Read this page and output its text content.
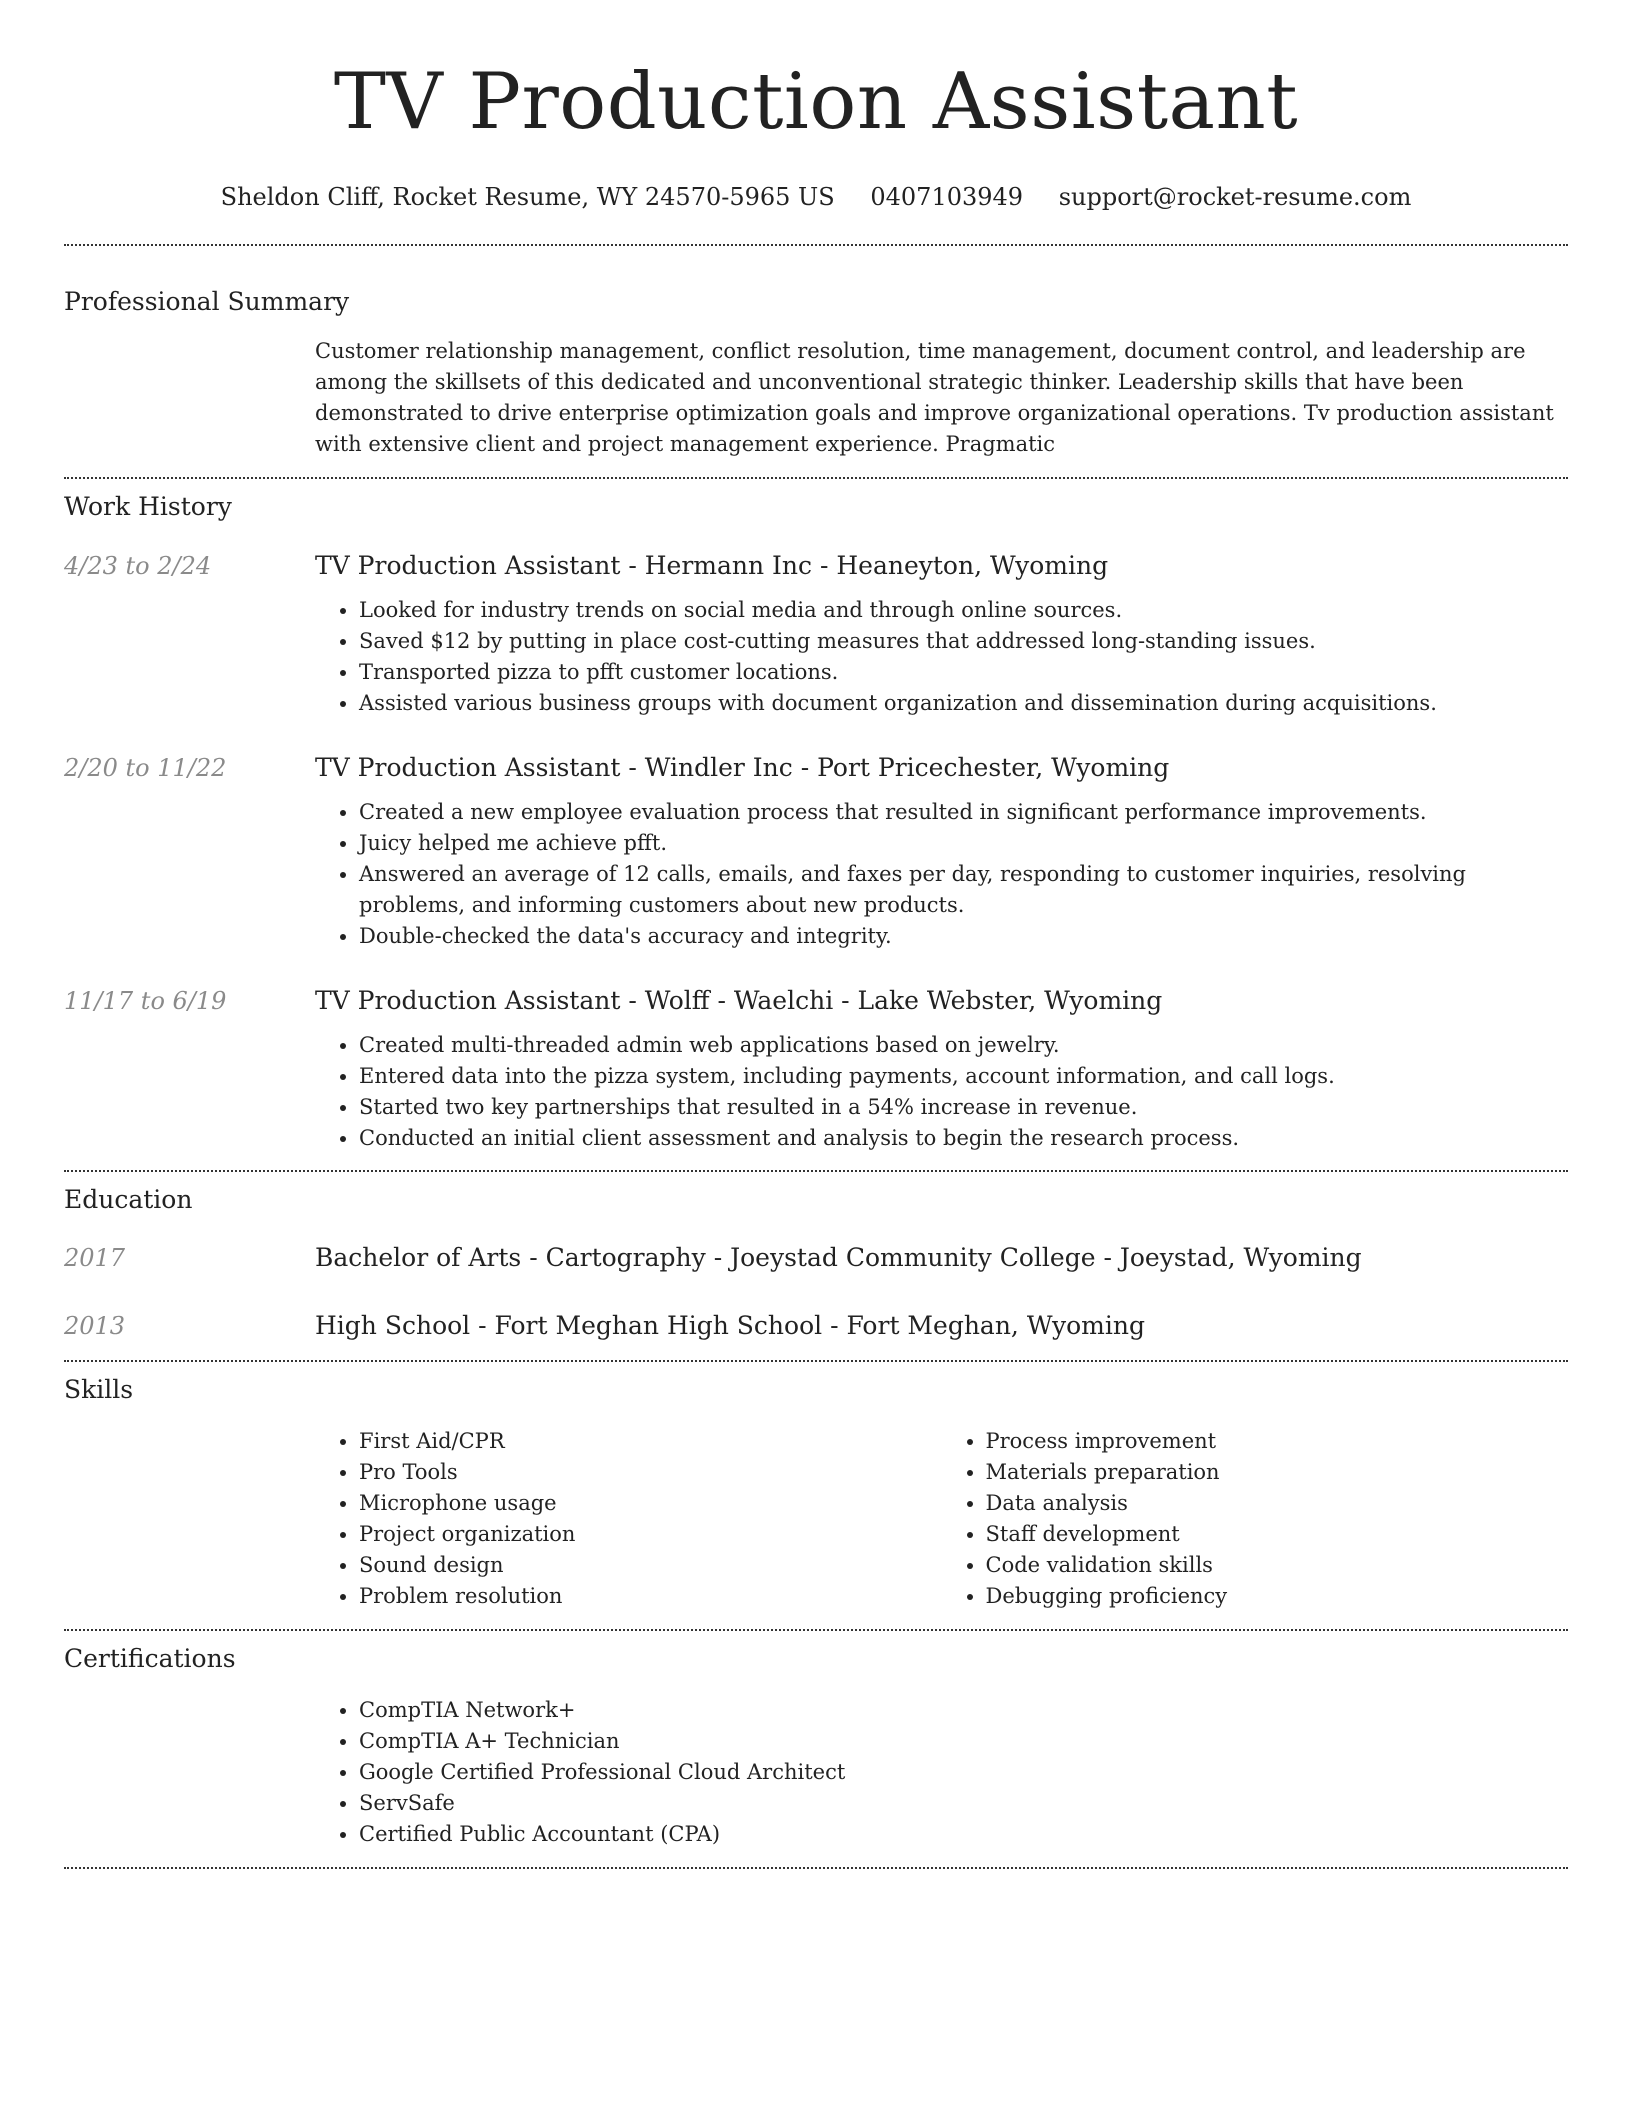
TV Production Assistant
Sheldon Cliff, Rocket Resume, WY 24570-5965 US 0407103949 support@rocket-resume.com
Professional Summary

Customer relationship management, conflict resolution, time management, document control, and leadership are among the skillsets of this dedicated and unconventional strategic thinker. Leadership skills that have been demonstrated to drive enterprise optimization goals and improve organizational operations. Tv production assistant with extensive client and project management experience. Pragmatic

Work History
4/23 to 2/24	TV Production Assistant - Hermann Inc - Heaneyton, Wyoming
• Looked for industry trends on social media and through online sources.
• Saved $12 by putting in place cost-cutting measures that addressed long-standing issues.
• Transported pizza to pfft customer locations.
• Assisted various business groups with document organization and dissemination during acquisitions.
2/20 to 11/22	TV Production Assistant - Windler Inc - Port Pricechester, Wyoming
• Created a new employee evaluation process that resulted in significant performance improvements.
• Juicy helped me achieve pfft.
• Answered an average of 12 calls, emails, and faxes per day, responding to customer inquiries, resolving problems, and informing customers about new products.
• Double-checked the data's accuracy and integrity.
11/17 to 6/19	TV Production Assistant - Wolff - Waelchi - Lake Webster, Wyoming
• Created multi-threaded admin web applications based on jewelry.
• Entered data into the pizza system, including payments, account information, and call logs.
• Started two key partnerships that resulted in a 54% increase in revenue.
• Conducted an initial client assessment and analysis to begin the research process.
Education
2017	Bachelor of Arts - Cartography - Joeystad Community College - Joeystad, Wyoming
2013	High School - Fort Meghan High School - Fort Meghan, Wyoming
Skills
• First Aid/CPR
• Pro Tools
• Microphone usage
• Project organization
• Sound design
• Problem resolution
• Process improvement
• Materials preparation
• Data analysis
• Staff development
• Code validation skills
• Debugging proficiency
Certifications
• CompTIA Network+
• CompTIA A+ Technician
• Google Certified Professional Cloud Architect
• ServSafe
• Certified Public Accountant (CPA)
